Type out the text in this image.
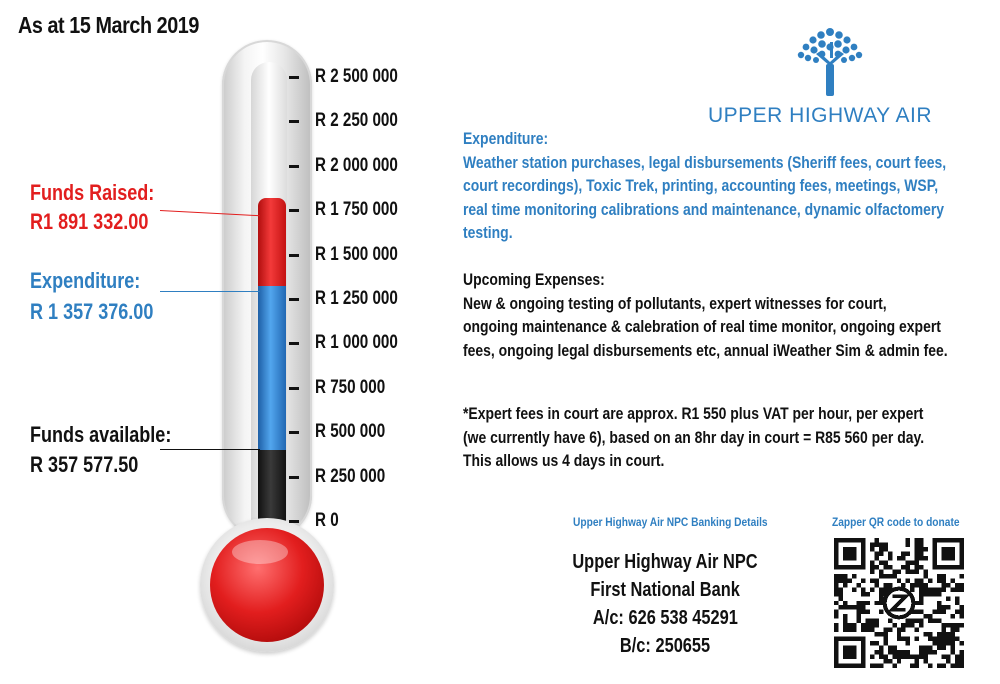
As at 15 March 2019
R 2 500 000
R 2 250 000
R 2 000 000
R 1 750 000
R 1 500 000
R 1 250 000
R 1 000 000
R 750 000
R 500 000
R 250 000
R 0
Funds Raised:
R1 891 332.00
Expenditure:
R 1 357 376.00
Funds available:
R 357 577.50
UPPER HIGHWAY AIR
Expenditure:
Weather station purchases, legal disbursements (Sheriff fees, court fees,
court recordings), Toxic Trek, printing, accounting fees, meetings, WSP,
real time monitoring calibrations and maintenance, dynamic olfactomery
testing.
Upcoming Expenses:
New & ongoing testing of pollutants, expert witnesses for court,
ongoing maintenance & calebration of real time monitor, ongoing expert
fees, ongoing legal disbursements etc, annual iWeather Sim & admin fee.
*Expert fees in court are approx. R1 550 plus VAT per hour, per expert
(we currently have 6), based on an 8hr day in court = R85 560 per day.
This allows us 4 days in court.
Upper Highway Air NPC Banking Details
Upper Highway Air NPC
First National Bank
A/c: 626 538 45291
B/c: 250655
Zapper QR code to donate
